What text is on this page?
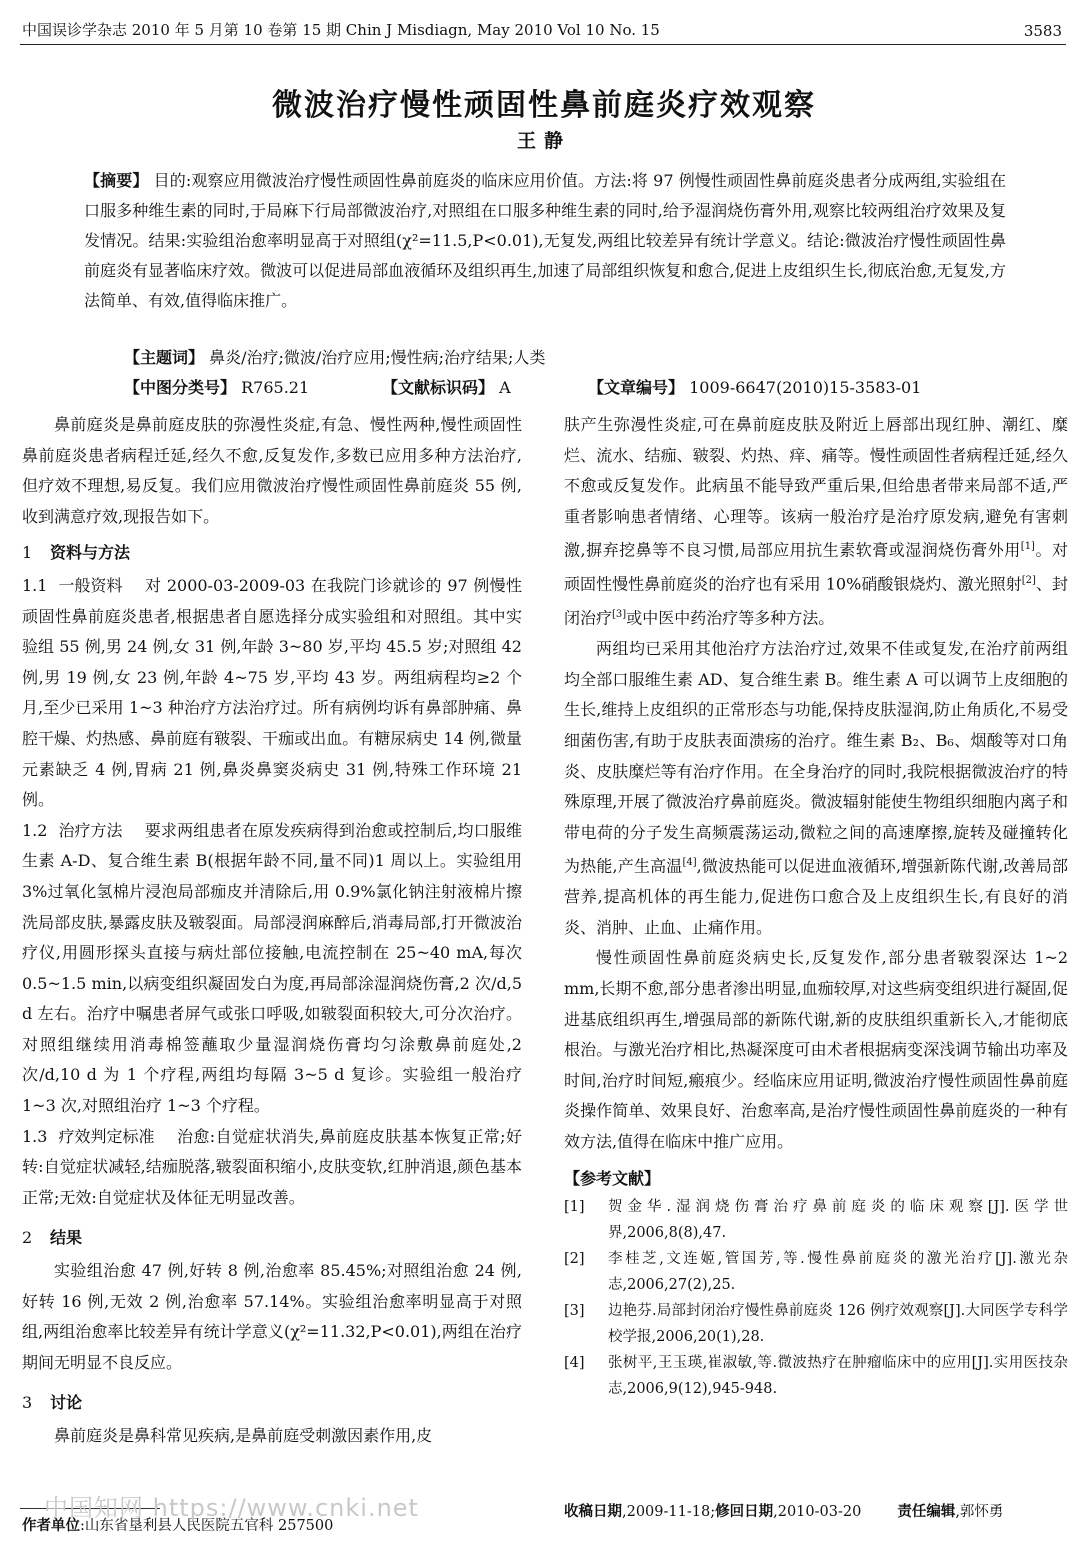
中国误诊学杂志 2010 年 5 月第 10 卷第 15 期 Chin J Misdiagn, May 2010 Vol 10 No. 15	3583
微波治疗慢性顽固性鼻前庭炎疗效观察
王静
【摘要】 目的:观察应用微波治疗慢性顽固性鼻前庭炎的临床应用价值。方法:将 97 例慢性顽固性鼻前庭炎患者分成两组,实验组在口服多种维生素的同时,于局麻下行局部微波治疗,对照组在口服多种维生素的同时,给予湿润烧伤膏外用,观察比较两组治疗效果及复发情况。结果:实验组治愈率明显高于对照组(χ²=11.5,P<0.01),无复发,两组比较差异有统计学意义。结论:微波治疗慢性顽固性鼻前庭炎有显著临床疗效。微波可以促进局部血液循环及组织再生,加速了局部组织恢复和愈合,促进上皮组织生长,彻底治愈,无复发,方法简单、有效,值得临床推广。
【主题词】 鼻炎/治疗;微波/治疗应用;慢性病;治疗结果;人类
【中图分类号】 R765.21	【文献标识码】 A	【文章编号】 1009-6647(2010)15-3583-01

鼻前庭炎是鼻前庭皮肤的弥漫性炎症,有急、慢性两种,慢性顽固性鼻前庭炎患者病程迁延,经久不愈,反复发作,多数已应用多种方法治疗,但疗效不理想,易反复。我们应用微波治疗慢性顽固性鼻前庭炎 55 例,收到满意疗效,现报告如下。

1 资料与方法

1.1 一般资料 对 2000-03-2009-03 在我院门诊就诊的 97 例慢性顽固性鼻前庭炎患者,根据患者自愿选择分成实验组和对照组。其中实验组 55 例,男 24 例,女 31 例,年龄 3~80 岁,平均 45.5 岁;对照组 42 例,男 19 例,女 23 例,年龄 4~75 岁,平均 43 岁。两组病程均≥2 个月,至少已采用 1~3 种治疗方法治疗过。所有病例均诉有鼻部肿痛、鼻腔干燥、灼热感、鼻前庭有皲裂、干痂或出血。有糖尿病史 14 例,微量元素缺乏 4 例,胃病 21 例,鼻炎鼻窦炎病史 31 例,特殊工作环境 21 例。

1.2 治疗方法 要求两组患者在原发疾病得到治愈或控制后,均口服维生素 A-D、复合维生素 B(根据年龄不同,量不同)1 周以上。实验组用 3%过氧化氢棉片浸泡局部痂皮并清除后,用 0.9%氯化钠注射液棉片擦洗局部皮肤,暴露皮肤及皲裂面。局部浸润麻醉后,消毒局部,打开微波治疗仪,用圆形探头直接与病灶部位接触,电流控制在 25~40 mA,每次 0.5~1.5 min,以病变组织凝固发白为度,再局部涂湿润烧伤膏,2 次/d,5 d 左右。治疗中嘱患者屏气或张口呼吸,如皲裂面积较大,可分次治疗。对照组继续用消毒棉签蘸取少量湿润烧伤膏均匀涂敷鼻前庭处,2 次/d,10 d 为 1 个疗程,两组均每隔 3~5 d 复诊。实验组一般治疗 1~3 次,对照组治疗 1~3 个疗程。

1.3 疗效判定标准 治愈:自觉症状消失,鼻前庭皮肤基本恢复正常;好转:自觉症状减轻,结痂脱落,皲裂面积缩小,皮肤变软,红肿消退,颜色基本正常;无效:自觉症状及体征无明显改善。

2 结果

实验组治愈 47 例,好转 8 例,治愈率 85.45%;对照组治愈 24 例,好转 16 例,无效 2 例,治愈率 57.14%。实验组治愈率明显高于对照组,两组治愈率比较差异有统计学意义(χ²=11.32,P<0.01),两组在治疗期间无明显不良反应。

3 讨论

鼻前庭炎是鼻科常见疾病,是鼻前庭受刺激因素作用,皮

肤产生弥漫性炎症,可在鼻前庭皮肤及附近上唇部出现红肿、潮红、糜烂、流水、结痂、皲裂、灼热、痒、痛等。慢性顽固性者病程迁延,经久不愈或反复发作。此病虽不能导致严重后果,但给患者带来局部不适,严重者影响患者情绪、心理等。该病一般治疗是治疗原发病,避免有害刺激,摒弃挖鼻等不良习惯,局部应用抗生素软膏或湿润烧伤膏外用[1]。对顽固性慢性鼻前庭炎的治疗也有采用 10%硝酸银烧灼、激光照射[2]、封闭治疗[3]或中医中药治疗等多种方法。

两组均已采用其他治疗方法治疗过,效果不佳或复发,在治疗前两组均全部口服维生素 AD、复合维生素 B。维生素 A 可以调节上皮细胞的生长,维持上皮组织的正常形态与功能,保持皮肤湿润,防止角质化,不易受细菌伤害,有助于皮肤表面溃疡的治疗。维生素 B₂、B₆、烟酸等对口角炎、皮肤糜烂等有治疗作用。在全身治疗的同时,我院根据微波治疗的特殊原理,开展了微波治疗鼻前庭炎。微波辐射能使生物组织细胞内离子和带电荷的分子发生高频震荡运动,微粒之间的高速摩擦,旋转及碰撞转化为热能,产生高温[4],微波热能可以促进血液循环,增强新陈代谢,改善局部营养,提高机体的再生能力,促进伤口愈合及上皮组织生长,有良好的消炎、消肿、止血、止痛作用。

慢性顽固性鼻前庭炎病史长,反复发作,部分患者皲裂深达 1~2 mm,长期不愈,部分患者渗出明显,血痂较厚,对这些病变组织进行凝固,促进基底组织再生,增强局部的新陈代谢,新的皮肤组织重新长入,才能彻底根治。与激光治疗相比,热凝深度可由术者根据病变深浅调节输出功率及时间,治疗时间短,瘢痕少。经临床应用证明,微波治疗慢性顽固性鼻前庭炎操作简单、效果良好、治愈率高,是治疗慢性顽固性鼻前庭炎的一种有效方法,值得在临床中推广应用。

【参考文献】
[1]	贺金华.湿润烧伤膏治疗鼻前庭炎的临床观察[J].医学世界,2006,8(8),47.
[2]	李桂芝,文连姬,管国芳,等.慢性鼻前庭炎的激光治疗[J].激光杂志,2006,27(2),25.
[3]	边艳芬.局部封闭治疗慢性鼻前庭炎 126 例疗效观察[J].大同医学专科学校学报,2006,20(1),28.
[4]	张树平,王玉瑛,崔淑敏,等.微波热疗在肿瘤临床中的应用[J].实用医技杂志,2006,9(12),945-948.
收稿日期,2009-11-18;修回日期,2010-03-20 责任编辑,郭怀勇
作者单位:山东省垦利县人民医院五官科 257500
中国知网 https://www.cnki.net
